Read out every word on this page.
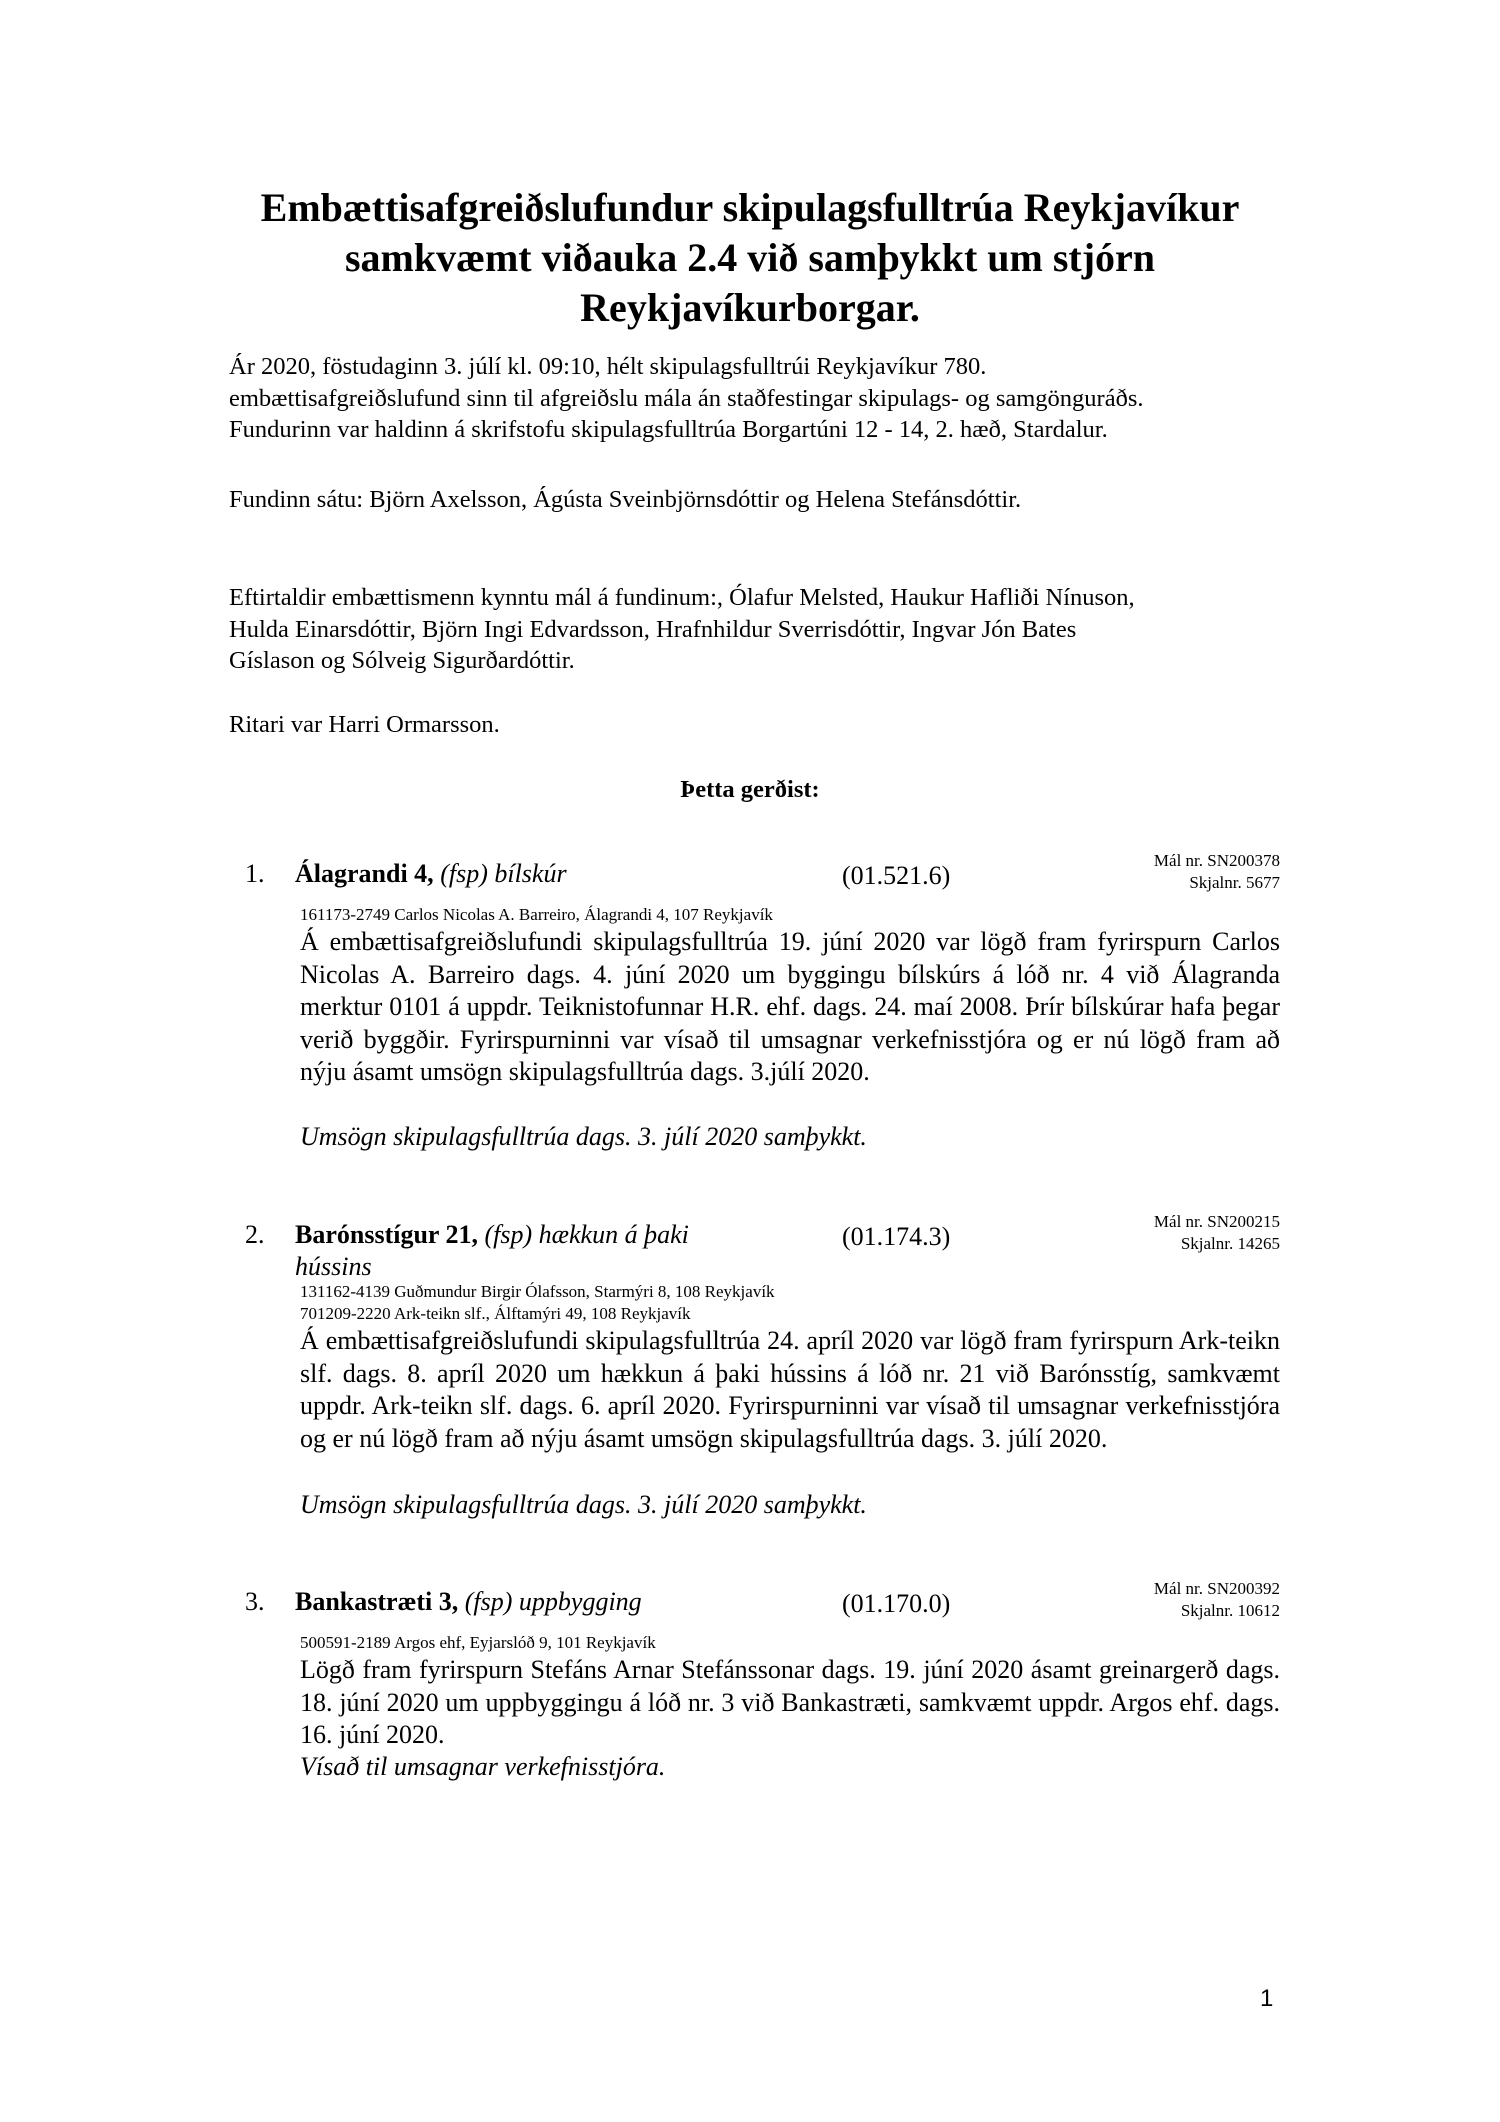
Embættisafgreiðslufundur skipulagsfulltrúa Reykjavíkur
samkvæmt viðauka 2.4 við samþykkt um stjórn
Reykjavíkurborgar.
Ár 2020, föstudaginn 3. júlí kl. 09:10, hélt skipulagsfulltrúi Reykjavíkur 780.
embættisafgreiðslufund sinn til afgreiðslu mála án staðfestingar skipulags- og samgönguráðs.
Fundurinn var haldinn á skrifstofu skipulagsfulltrúa Borgartúni 12 - 14, 2. hæð, Stardalur.
Fundinn sátu: Björn Axelsson, Ágústa Sveinbjörnsdóttir og Helena Stefánsdóttir.
Eftirtaldir embættismenn kynntu mál á fundinum:, Ólafur Melsted, Haukur Hafliði Nínuson,
Hulda Einarsdóttir, Björn Ingi Edvardsson, Hrafnhildur Sverrisdóttir, Ingvar Jón Bates
Gíslason og Sólveig Sigurðardóttir.
Ritari var Harri Ormarsson.
Þetta gerðist:
1. Álagrandi 4, (fsp) bílskúr	(01.521.6)
Mál nr. SN200378
Skjalnr. 5677
161173-2749 Carlos Nicolas A. Barreiro, Álagrandi 4, 107 Reykjavík
Á embættisafgreiðslufundi skipulagsfulltrúa 19. júní 2020 var lögð fram fyrirspurn Carlos Nicolas A. Barreiro dags. 4. júní 2020 um byggingu bílskúrs á lóð nr. 4 við Álagranda merktur 0101 á uppdr. Teiknistofunnar H.R. ehf. dags. 24. maí 2008. Þrír bílskúrar hafa þegar verið byggðir. Fyrirspurninni var vísað til umsagnar verkefnisstjóra og er nú lögð fram að nýju ásamt umsögn skipulagsfulltrúa dags. 3.júlí 2020.
Umsögn skipulagsfulltrúa dags. 3. júlí 2020 samþykkt.
2. Barónsstígur 21, (fsp) hækkun á þaki hússins
(01.174.3)
Mál nr. SN200215
Skjalnr. 14265
131162-4139 Guðmundur Birgir Ólafsson, Starmýri 8, 108 Reykjavík
701209-2220 Ark-teikn slf., Álftamýri 49, 108 Reykjavík
Á embættisafgreiðslufundi skipulagsfulltrúa 24. apríl 2020 var lögð fram fyrirspurn Ark-teikn slf. dags. 8. apríl 2020 um hækkun á þaki hússins á lóð nr. 21 við Barónsstíg, samkvæmt uppdr. Ark-teikn slf. dags. 6. apríl 2020. Fyrirspurninni var vísað til umsagnar verkefnisstjóra og er nú lögð fram að nýju ásamt umsögn skipulagsfulltrúa dags. 3. júlí 2020.
Umsögn skipulagsfulltrúa dags. 3. júlí 2020 samþykkt.
3. Bankastræti 3, (fsp) uppbygging	(01.170.0)
Mál nr. SN200392
Skjalnr. 10612
500591-2189 Argos ehf, Eyjarslóð 9, 101 Reykjavík
Lögð fram fyrirspurn Stefáns Arnar Stefánssonar dags. 19. júní 2020 ásamt greinargerð dags. 18. júní 2020 um uppbyggingu á lóð nr. 3 við Bankastræti, samkvæmt uppdr. Argos ehf. dags. 16. júní 2020.
Vísað til umsagnar verkefnisstjóra.
1
